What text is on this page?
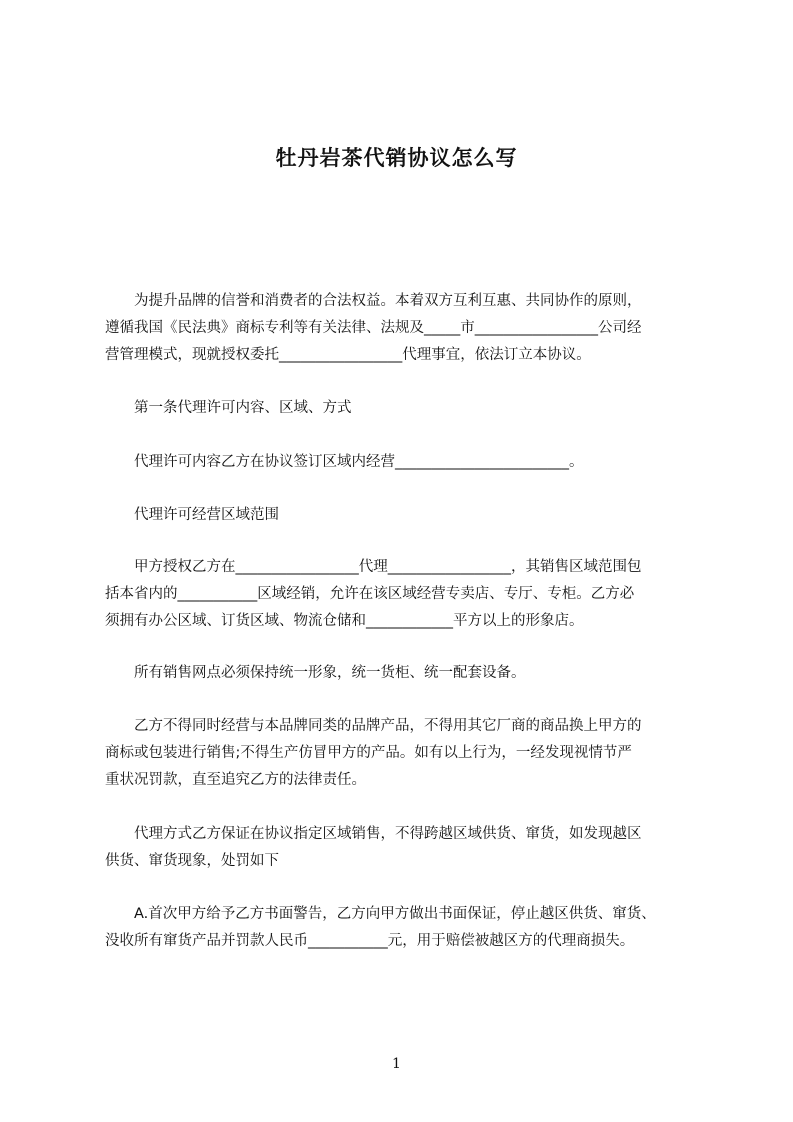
牡丹岩茶代销协议怎么写
　　为提升品牌的信誉和消费者的合法权益。本着双方互利互惠、共同协作的原则，
遵循我国《民法典》商标专利等有关法律、法规及_____市_________________公司经
营管理模式，现就授权委托_________________代理事宜，依法订立本协议。
　　第一条代理许可内容、区域、方式
　　代理许可内容乙方在协议签订区域内经营________________________。
　　代理许可经营区域范围
　　甲方授权乙方在_________________代理_________________，其销售区域范围包
括本省内的___________区域经销，允许在该区域经营专卖店、专厅、专柜。乙方必
须拥有办公区域、订货区域、物流仓储和____________平方以上的形象店。
　　所有销售网点必须保持统一形象，统一货柜、统一配套设备。
　　乙方不得同时经营与本品牌同类的品牌产品，不得用其它厂商的商品换上甲方的
商标或包装进行销售;不得生产仿冒甲方的产品。如有以上行为，一经发现视情节严
重状况罚款，直至追究乙方的法律责任。
　　代理方式乙方保证在协议指定区域销售，不得跨越区域供货、窜货，如发现越区
供货、窜货现象，处罚如下
　　A.首次甲方给予乙方书面警告，乙方向甲方做出书面保证，停止越区供货、窜货、
没收所有窜货产品并罚款人民币___________元，用于赔偿被越区方的代理商损失。
1
